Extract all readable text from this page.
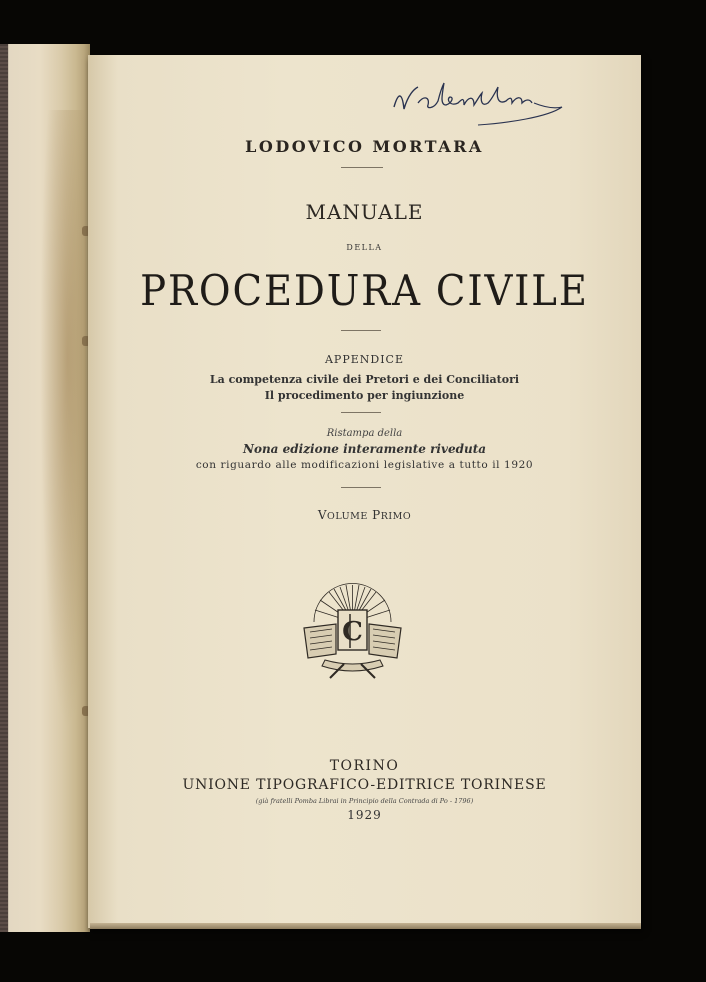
LODOVICO MORTARA
MANUALE
DELLA
PROCEDURA CIVILE
APPENDICE
La competenza civile dei Pretori e dei Conciliatori
Il procedimento per ingiunzione
Ristampa della
Nona edizione interamente riveduta
con riguardo alle modificazioni legislative a tutto il 1920
VOLUME PRIMO
C
TORINO
UNIONE TIPOGRAFICO-EDITRICE TORINESE
(già fratelli Pomba Librai in Principio della Contrada di Po - 1796)
1929
